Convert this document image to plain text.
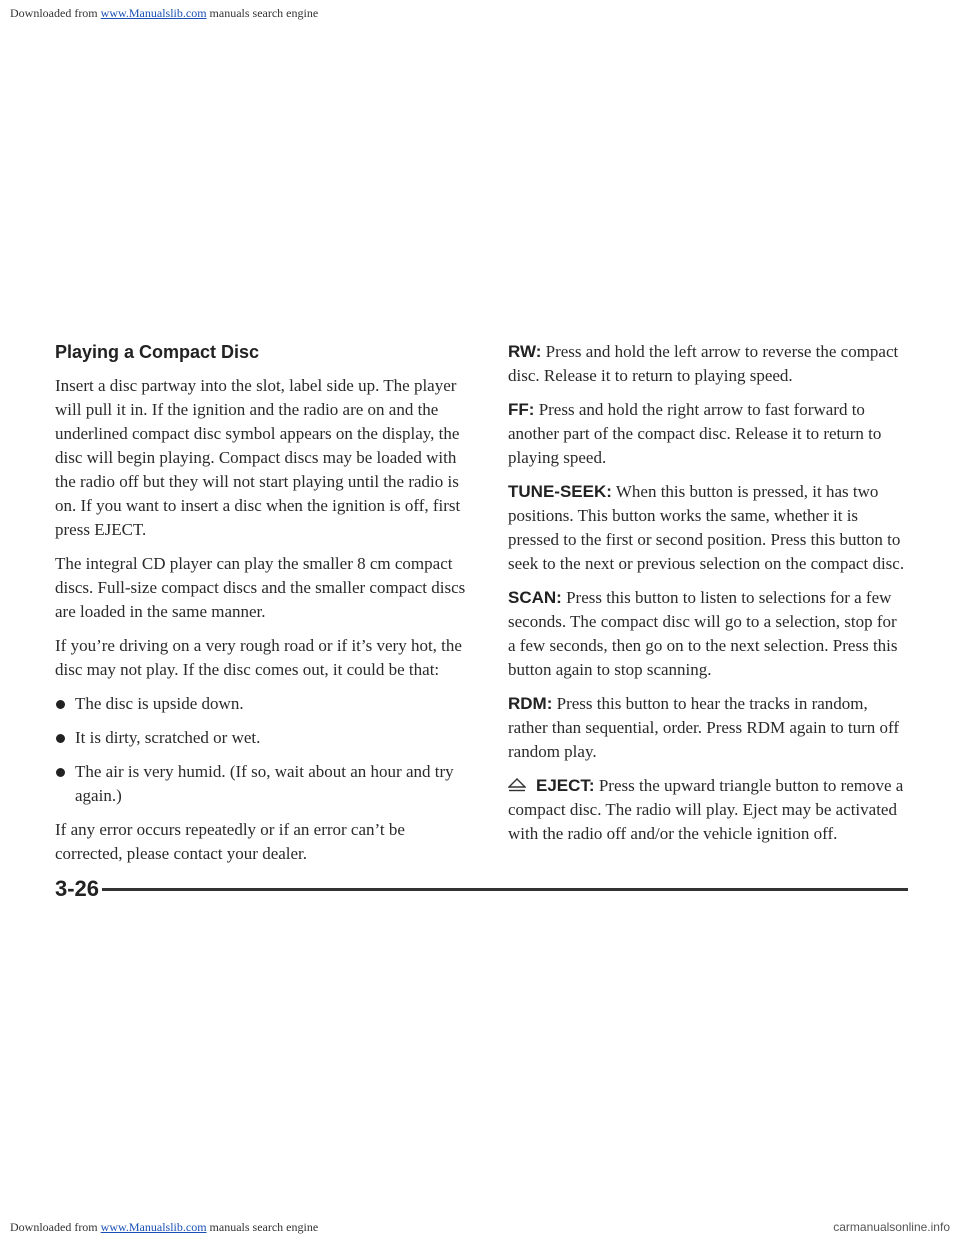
Downloaded from www.Manualslib.com manuals search engine
Playing a Compact Disc

Insert a disc partway into the slot, label side up. The player will pull it in. If the ignition and the radio are on and the underlined compact disc symbol appears on the display, the disc will begin playing. Compact discs may be loaded with the radio off but they will not start playing until the radio is on. If you want to insert a disc when the ignition is off, first press EJECT.

The integral CD player can play the smaller 8 cm compact discs. Full-size compact discs and the smaller compact discs are loaded in the same manner.

If you’re driving on a very rough road or if it’s very hot, the disc may not play. If the disc comes out, it could be that:

The disc is upside down.
It is dirty, scratched or wet.
The air is very humid. (If so, wait about an hour and try again.)

If any error occurs repeatedly or if an error can’t be corrected, please contact your dealer.

RW: Press and hold the left arrow to reverse the compact disc. Release it to return to playing speed.

FF: Press and hold the right arrow to fast forward to another part of the compact disc. Release it to return to playing speed.

TUNE-SEEK: When this button is pressed, it has two positions. This button works the same, whether it is pressed to the first or second position. Press this button to seek to the next or previous selection on the compact disc.

SCAN: Press this button to listen to selections for a few seconds. The compact disc will go to a selection, stop for a few seconds, then go on to the next selection. Press this button again to stop scanning.

RDM: Press this button to hear the tracks in random, rather than sequential, order. Press RDM again to turn off random play.

EJECT: Press the upward triangle button to remove a compact disc. The radio will play. Eject may be activated with the radio off and/or the vehicle ignition off.

3-26
Downloaded from www.Manualslib.com manuals search engine	carmanualsonline.info
